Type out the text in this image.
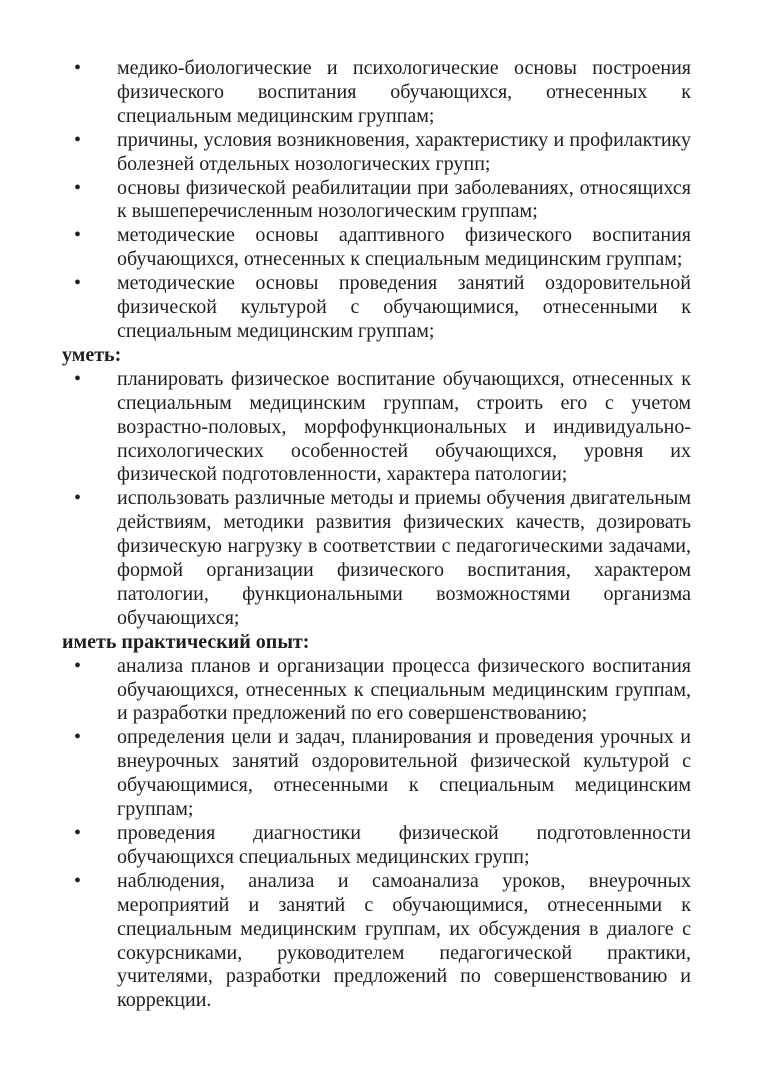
• медико-биологические и психологические основы построения физического воспитания обучающихся, отнесенных к специальным медицинским группам;
• причины, условия возникновения, характеристику и профилактику болезней отдельных нозологических групп;
• основы физической реабилитации при заболеваниях, относящихся к вышеперечисленным нозологическим группам;
• методические основы адаптивного физического воспитания обучающихся, отнесенных к специальным медицинским группам;
• методические основы проведения занятий оздоровительной физической культурой с обучающимися, отнесенными к специальным медицинским группам;

уметь:

• планировать физическое воспитание обучающихся, отнесенных к специальным медицинским группам, строить его с учетом возрастно-половых, морфофункциональных и индивидуально-психологических особенностей обучающихся, уровня их физической подготовленности, характера патологии;
• использовать различные методы и приемы обучения двигательным действиям, методики развития физических качеств, дозировать физическую нагрузку в соответствии с педагогическими задачами, формой организации физического воспитания, характером патологии, функциональными возможностями организма обучающихся;

иметь практический опыт:

• анализа планов и организации процесса физического воспитания обучающихся, отнесенных к специальным медицинским группам, и разработки предложений по его совершенствованию;
• определения цели и задач, планирования и проведения урочных и внеурочных занятий оздоровительной физической культурой с обучающимися, отнесенными к специальным медицинским группам;
• проведения диагностики физической подготовленности обучающихся специальных медицинских групп;
• наблюдения, анализа и самоанализа уроков, внеурочных мероприятий и занятий с обучающимися, отнесенными к специальным медицинским группам, их обсуждения в диалоге с сокурсниками, руководителем педагогической практики, учителями, разработки предложений по совершенствованию и коррекции.
